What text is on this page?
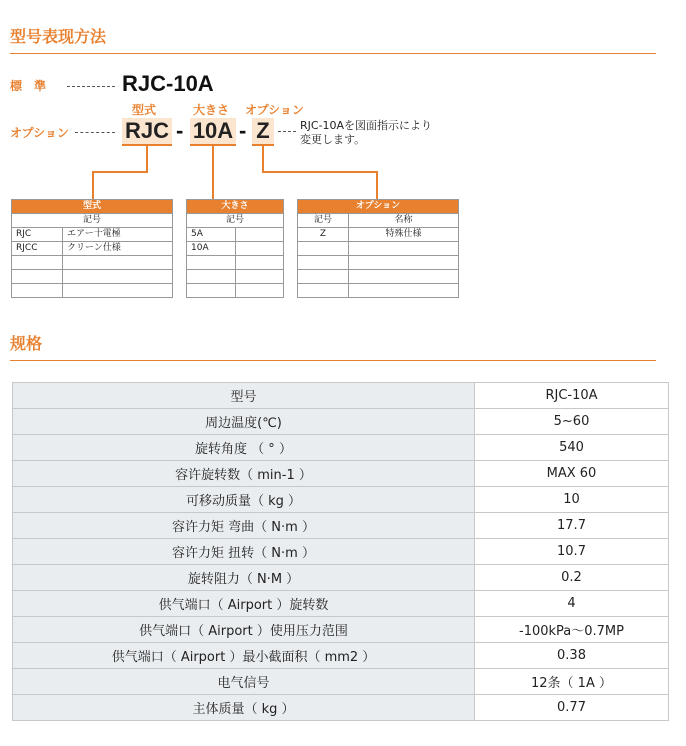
型号表现方法
標　準	RJC-10A
型式	大きさ オプション
オプション	RJC - 10A - Z	RJC-10Aを図面指示により
変更します。
型式	
記号	
RJC	エアー十電極
RJCC	クリーン仕様

大きさ	
記号	
5A	
10A	

オプション	
記号	名称
Z	特殊仕様

规格
型号	RJC-10A
周边温度(℃)	5~60
旋转角度 （ ° ）	540
容许旋转数（ min-1 ）	MAX 60
可移动质量（ kg ）	10
容许力矩 弯曲（ N·m ）	17.7
容许力矩 扭转（ N·m ）	10.7
旋转阻力（ N·M ）	0.2
供气端口（ Airport ）旋转数	4
供气端口（ Airport ）使用压力范围	-100kPa～0.7MP
供气端口（ Airport ）最小截面积（ mm2 ）	0.38
电气信号	12条（ 1A ）
主体质量（ kg ）	0.77
